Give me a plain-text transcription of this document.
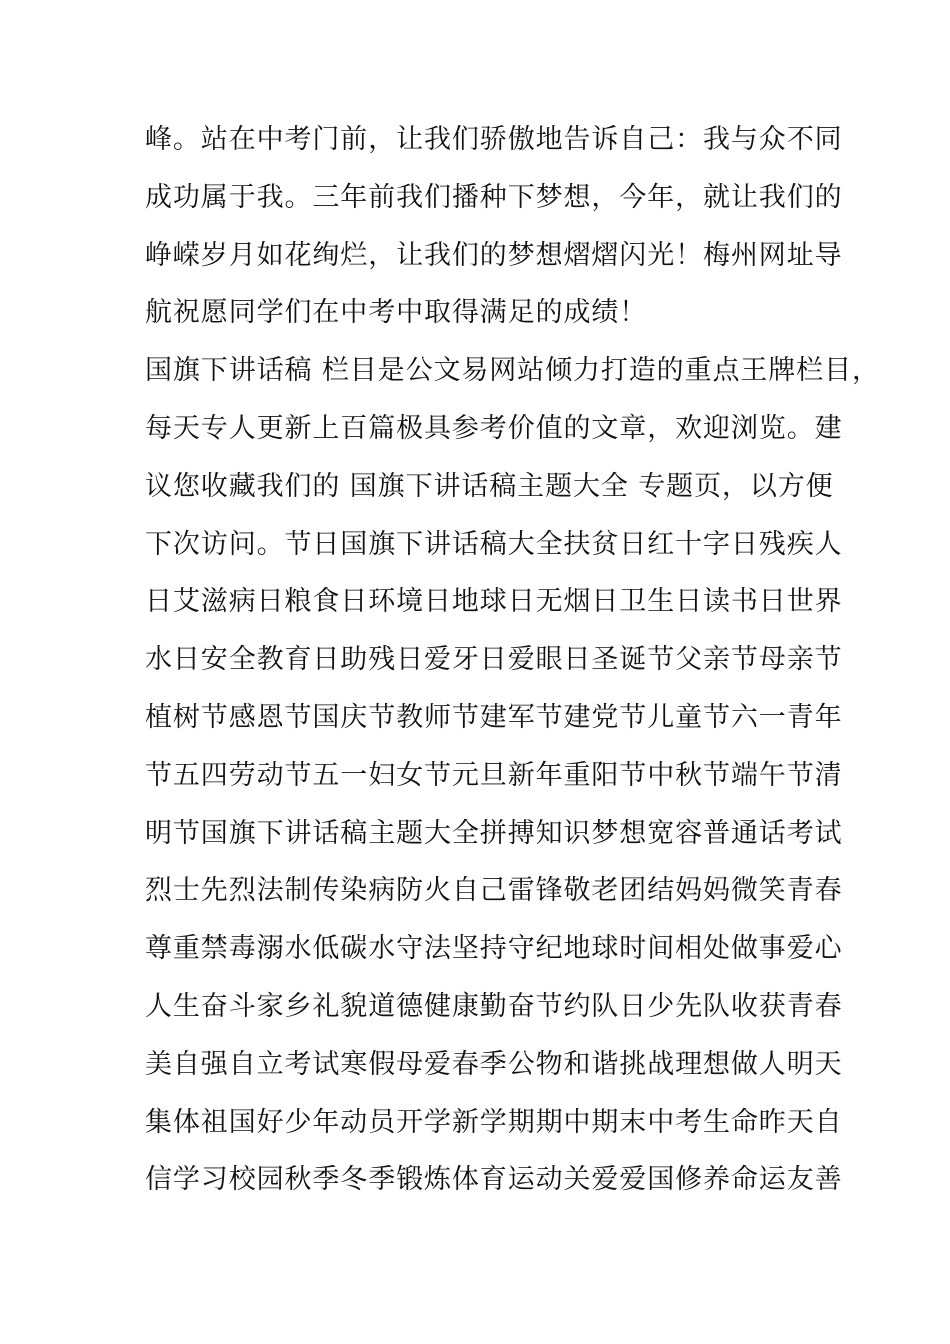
峰。站在中考门前，让我们骄傲地告诉自己：我与众不同
成功属于我。三年前我们播种下梦想，今年，就让我们的
峥嵘岁月如花绚烂，让我们的梦想熠熠闪光！梅州网址导
航祝愿同学们在中考中取得满足的成绩！
国旗下讲话稿 栏目是公文易网站倾力打造的重点王牌栏目，
每天专人更新上百篇极具参考价值的文章，欢迎浏览。建
议您收藏我们的 国旗下讲话稿主题大全 专题页，以方便
下次访问。节日国旗下讲话稿大全扶贫日红十字日残疾人
日艾滋病日粮食日环境日地球日无烟日卫生日读书日世界
水日安全教育日助残日爱牙日爱眼日圣诞节父亲节母亲节
植树节感恩节国庆节教师节建军节建党节儿童节六一青年
节五四劳动节五一妇女节元旦新年重阳节中秋节端午节清
明节国旗下讲话稿主题大全拼搏知识梦想宽容普通话考试
烈士先烈法制传染病防火自己雷锋敬老团结妈妈微笑青春
尊重禁毒溺水低碳水守法坚持守纪地球时间相处做事爱心
人生奋斗家乡礼貌道德健康勤奋节约队日少先队收获青春
美自强自立考试寒假母爱春季公物和谐挑战理想做人明天
集体祖国好少年动员开学新学期期中期末中考生命昨天自
信学习校园秋季冬季锻炼体育运动关爱爱国修养命运友善
